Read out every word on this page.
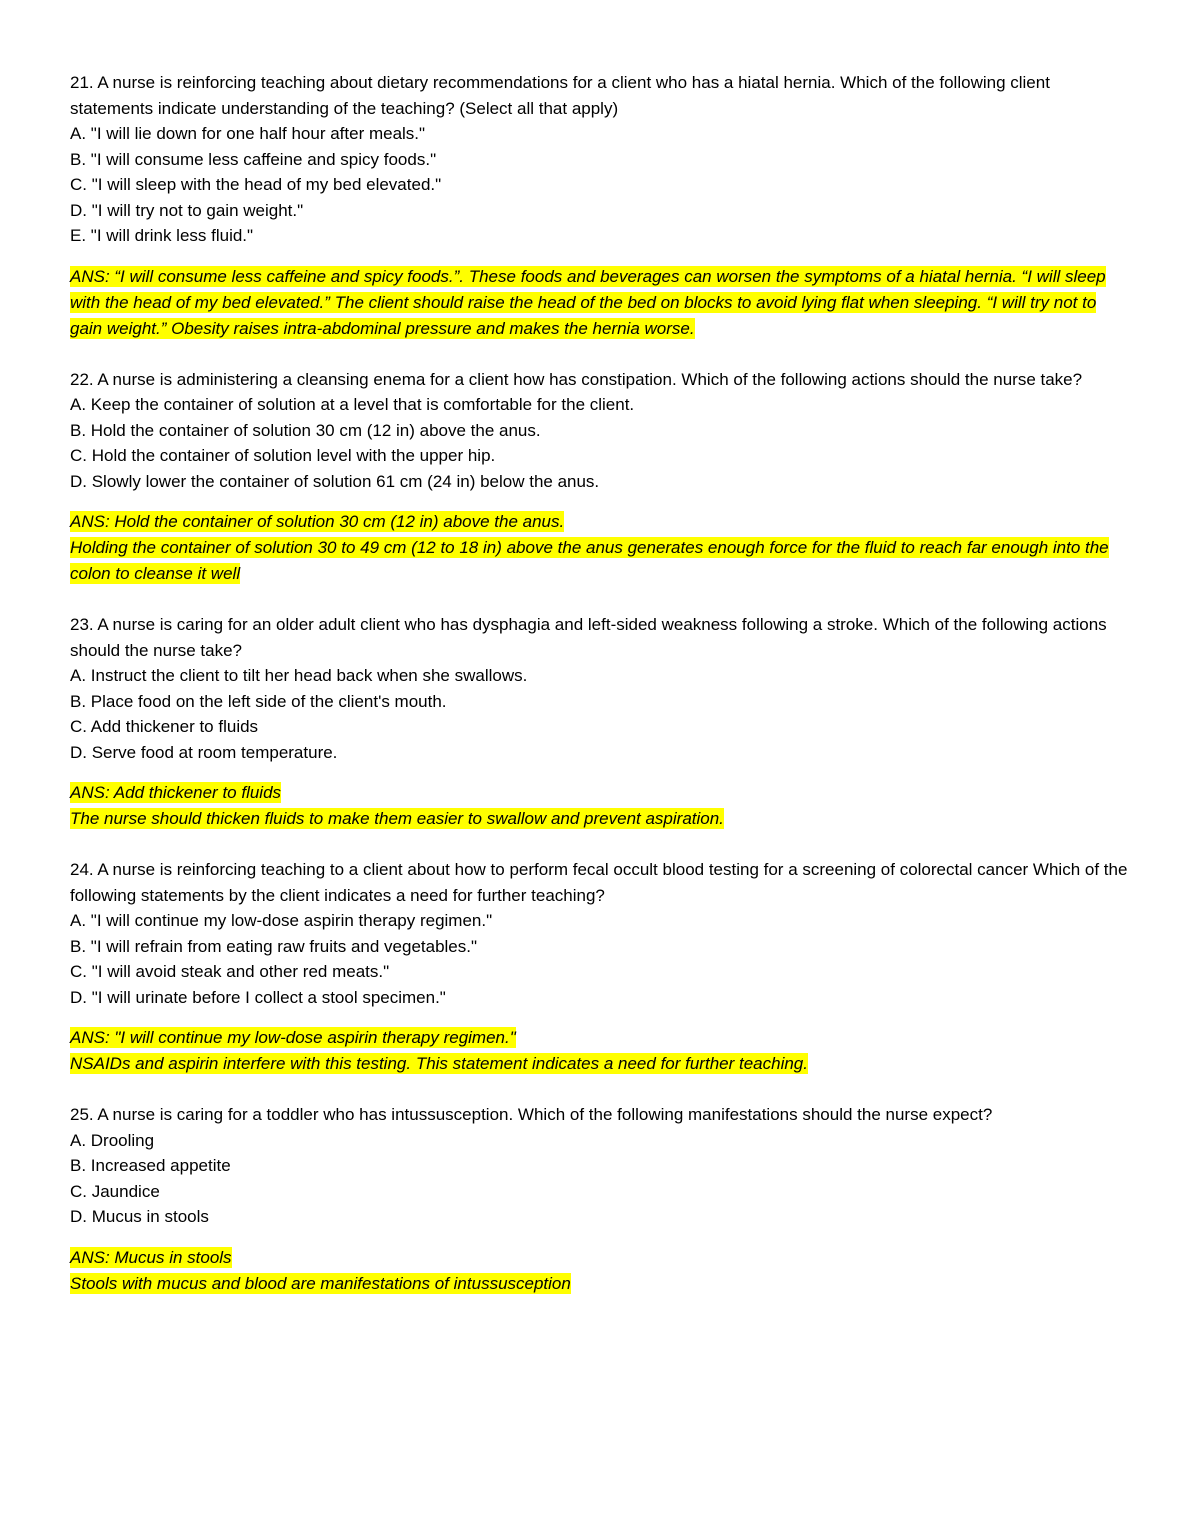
21. A nurse is reinforcing teaching about dietary recommendations for a client who has a hiatal hernia. Which of the following client statements indicate understanding of the teaching? (Select all that apply)

A. "I will lie down for one half hour after meals."

B. "I will consume less caffeine and spicy foods."

C. "I will sleep with the head of my bed elevated."

D. "I will try not to gain weight."

E. "I will drink less fluid."

ANS: “I will consume less caffeine and spicy foods.”. These foods and beverages can worsen the symptoms of a hiatal hernia. “I will sleep with the head of my bed elevated.” The client should raise the head of the bed on blocks to avoid lying flat when sleeping. “I will try not to gain weight.” Obesity raises intra-abdominal pressure and makes the hernia worse.

22. A nurse is administering a cleansing enema for a client how has constipation. Which of the following actions should the nurse take?

A. Keep the container of solution at a level that is comfortable for the client.

B. Hold the container of solution 30 cm (12 in) above the anus.

C. Hold the container of solution level with the upper hip.

D. Slowly lower the container of solution 61 cm (24 in) below the anus.

ANS: Hold the container of solution 30 cm (12 in) above the anus.

Holding the container of solution 30 to 49 cm (12 to 18 in) above the anus generates enough force for the fluid to reach far enough into the colon to cleanse it well

23. A nurse is caring for an older adult client who has dysphagia and left-sided weakness following a stroke. Which of the following actions should the nurse take?

A. Instruct the client to tilt her head back when she swallows.

B. Place food on the left side of the client's mouth.

C. Add thickener to fluids

D. Serve food at room temperature.

ANS: Add thickener to fluids

The nurse should thicken fluids to make them easier to swallow and prevent aspiration.

24. A nurse is reinforcing teaching to a client about how to perform fecal occult blood testing for a screening of colorectal cancer Which of the following statements by the client indicates a need for further teaching?

A. "I will continue my low-dose aspirin therapy regimen."

B. "I will refrain from eating raw fruits and vegetables."

C. "I will avoid steak and other red meats."

D. "I will urinate before I collect a stool specimen."

ANS: "I will continue my low-dose aspirin therapy regimen."

NSAIDs and aspirin interfere with this testing. This statement indicates a need for further teaching.

25. A nurse is caring for a toddler who has intussusception. Which of the following manifestations should the nurse expect?

A. Drooling

B. Increased appetite

C. Jaundice

D. Mucus in stools

ANS: Mucus in stools

Stools with mucus and blood are manifestations of intussusception
